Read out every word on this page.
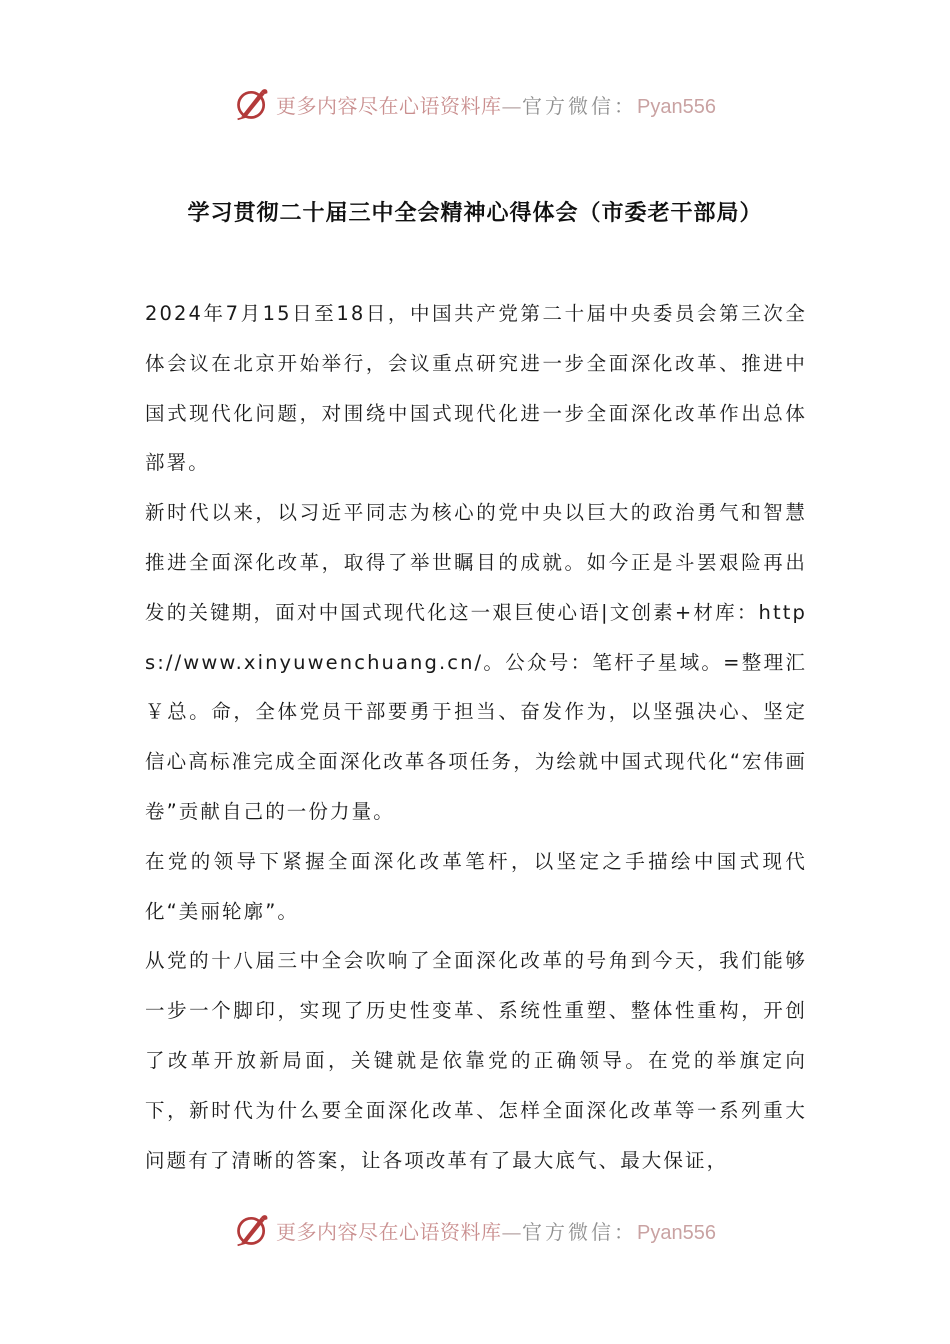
更多内容尽在心语资料库—官方微信：Pyan556
学习贯彻二十届三中全会精神心得体会（市委老干部局）

2024年7月15日至18日，中国共产党第二十届中央委员会第三次全体会议在北京开始举行，会议重点研究进一步全面深化改革、推进中国式现代化问题，对围绕中国式现代化进一步全面深化改革作出总体部署。

新时代以来，以习近平同志为核心的党中央以巨大的政治勇气和智慧推进全面深化改革，取得了举世瞩目的成就。如今正是斗罢艰险再出发的关键期，面对中国式现代化这一艰巨使心语|文创素+材库：https://www.xinyuwenchuang.cn/。公众号：笔杆子星域。=整理汇￥总。命，全体党员干部要勇于担当、奋发作为，以坚强决心、坚定信心高标准完成全面深化改革各项任务，为绘就中国式现代化“宏伟画卷”贡献自己的一份力量。

在党的领导下紧握全面深化改革笔杆，以坚定之手描绘中国式现代化“美丽轮廓”。

从党的十八届三中全会吹响了全面深化改革的号角到今天，我们能够一步一个脚印，实现了历史性变革、系统性重塑、整体性重构，开创了改革开放新局面，关键就是依靠党的正确领导。在党的举旗定向下，新时代为什么要全面深化改革、怎样全面深化改革等一系列重大问题有了清晰的答案，让各项改革有了最大底气、最大保证，

更多内容尽在心语资料库—官方微信：Pyan556
